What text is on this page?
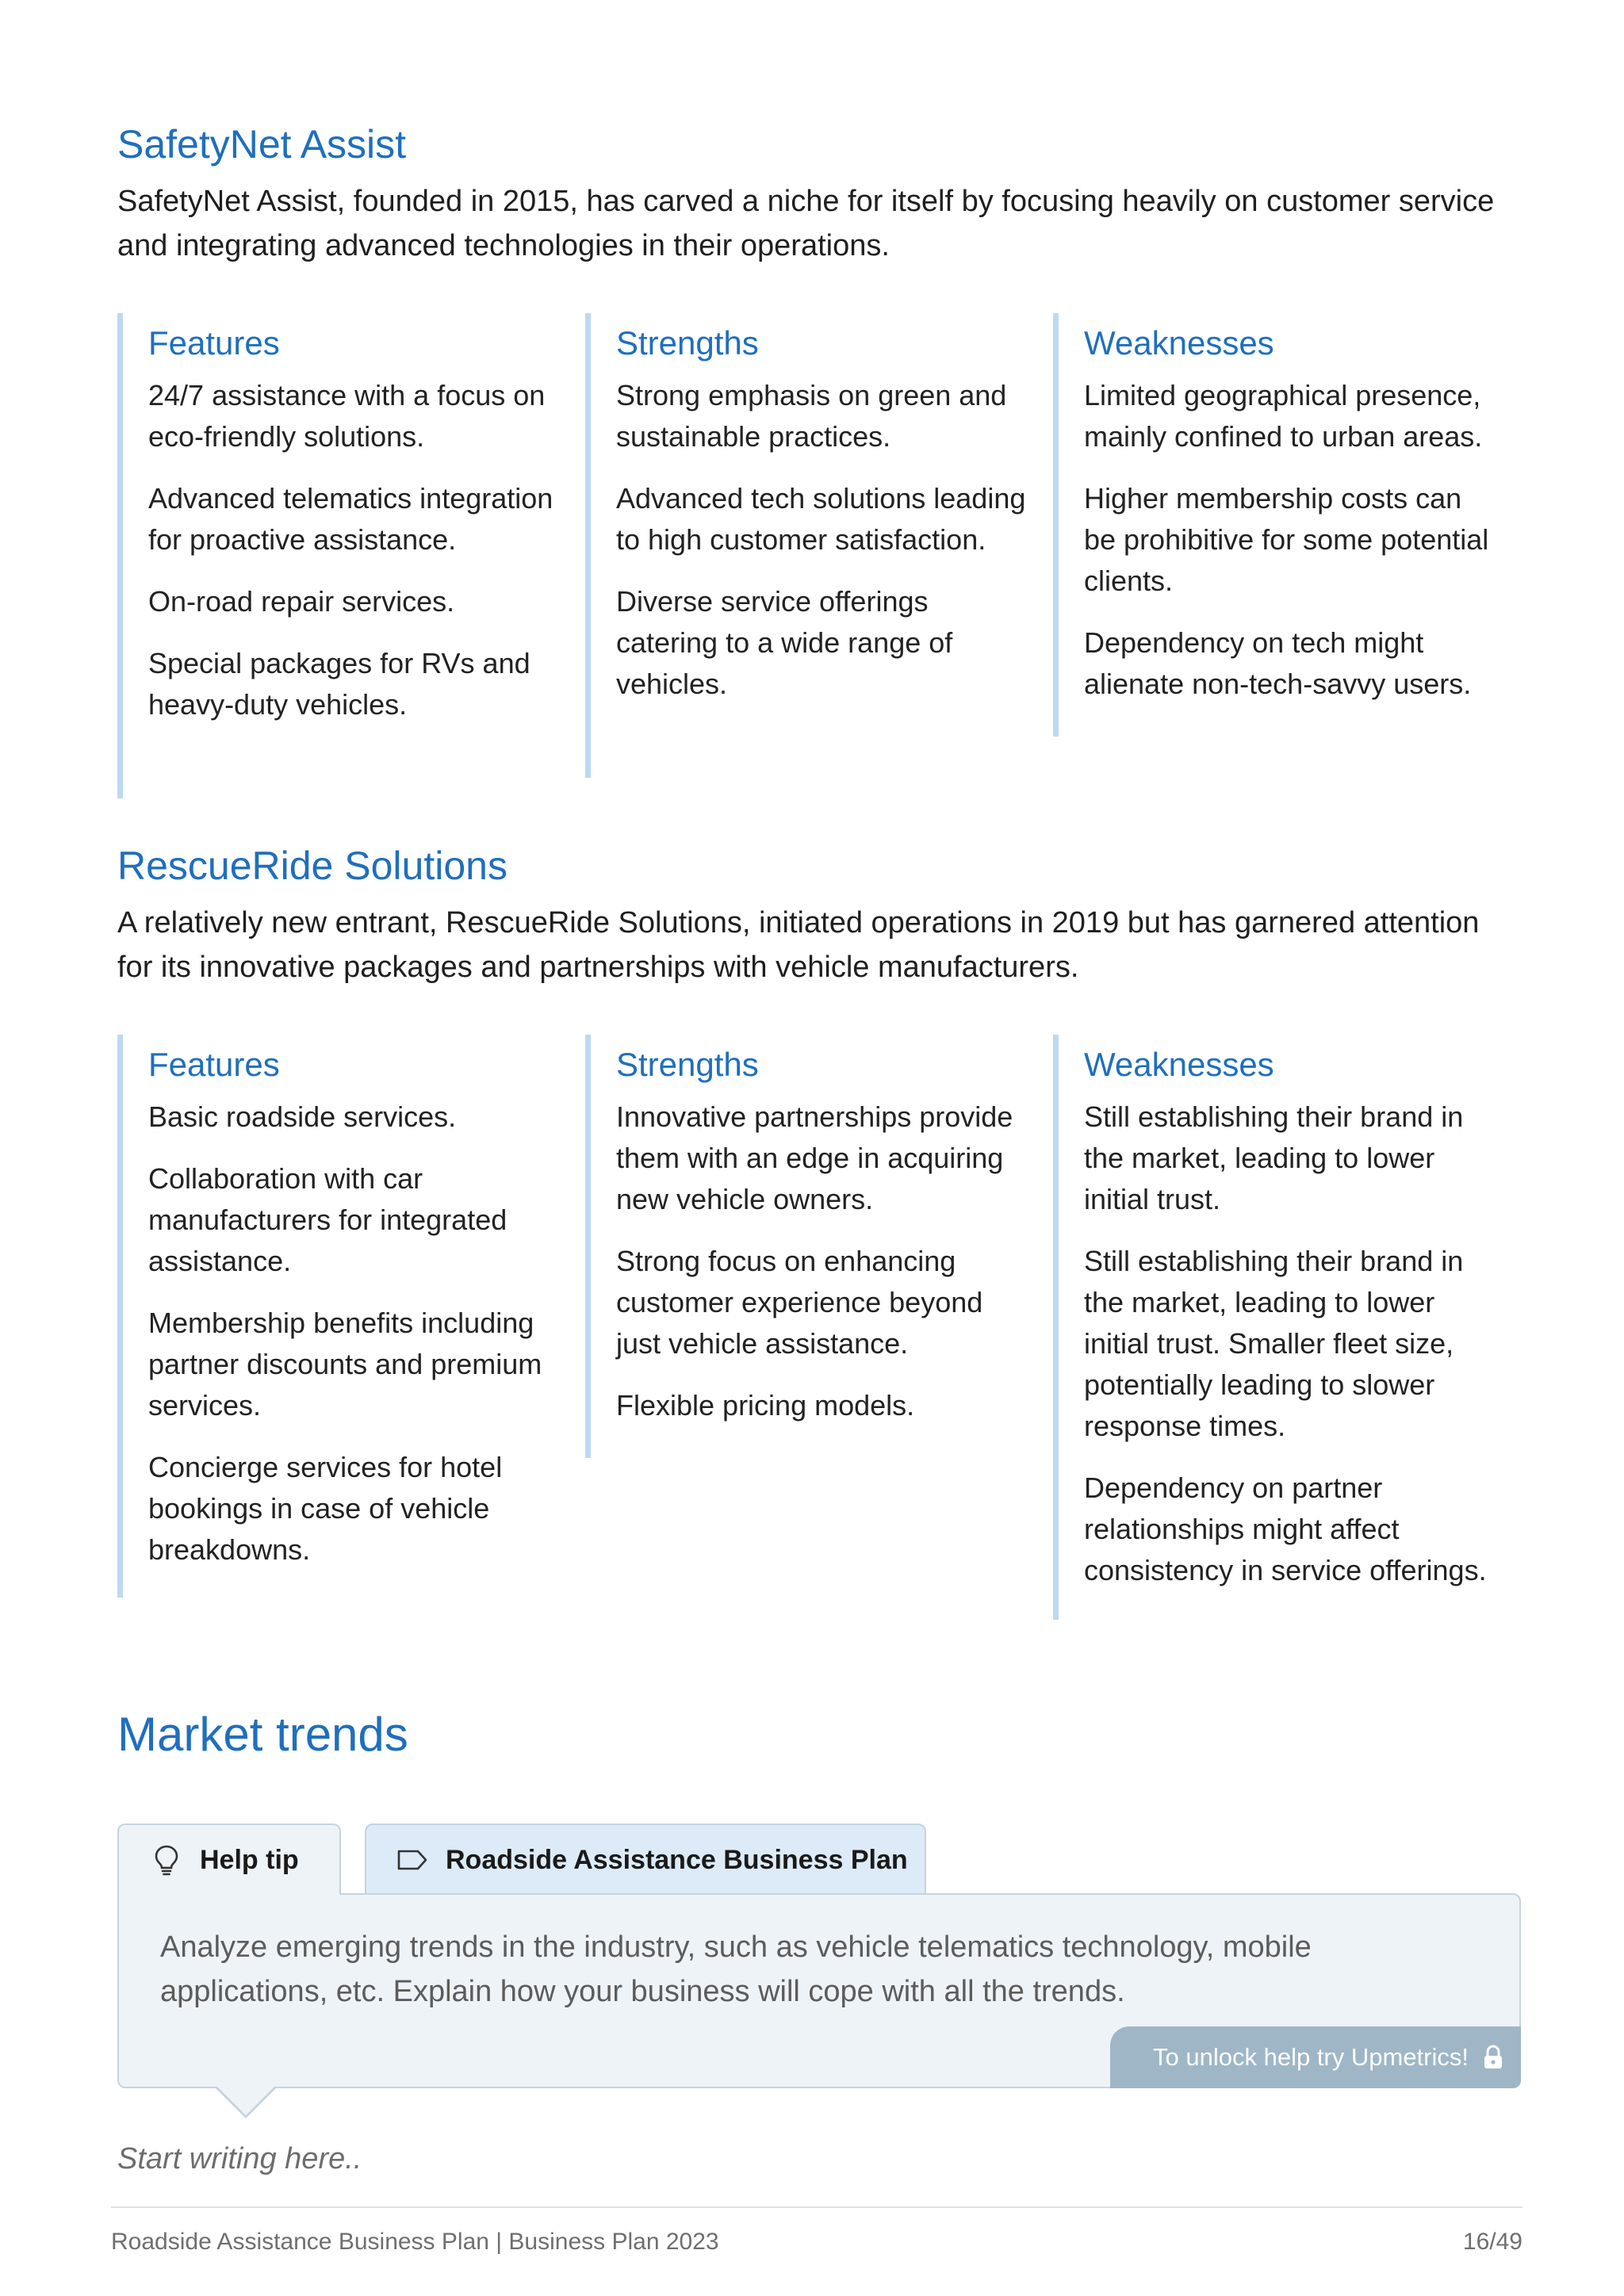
SafetyNet Assist

SafetyNet Assist, founded in 2015, has carved a niche for itself by focusing heavily on customer service and integrating advanced technologies in their operations.

Features
24/7 assistance with a focus on eco-friendly solutions.
Advanced telematics integration for proactive assistance.
On-road repair services.
Special packages for RVs and heavy-duty vehicles.
Strengths
Strong emphasis on green and sustainable practices.
Advanced tech solutions leading to high customer satisfaction.
Diverse service offerings catering to a wide range of vehicles.
Weaknesses
Limited geographical presence, mainly confined to urban areas.
Higher membership costs can be prohibitive for some potential clients.
Dependency on tech might alienate non-tech-savvy users.
RescueRide Solutions

A relatively new entrant, RescueRide Solutions, initiated operations in 2019 but has garnered attention for its innovative packages and partnerships with vehicle manufacturers.

Features
Basic roadside services.
Collaboration with car manufacturers for integrated assistance.
Membership benefits including partner discounts and premium services.
Concierge services for hotel bookings in case of vehicle breakdowns.
Strengths
Innovative partnerships provide them with an edge in acquiring new vehicle owners.
Strong focus on enhancing customer experience beyond just vehicle assistance.
Flexible pricing models.
Weaknesses
Still establishing their brand in the market, leading to lower initial trust.
Still establishing their brand in the market, leading to lower initial trust. Smaller fleet size, potentially leading to slower response times.
Dependency on partner relationships might affect consistency in service offerings.
Market trends
Help tip	Roadside Assistance Business Plan

Analyze emerging trends in the industry, such as vehicle telematics technology, mobile applications, etc. Explain how your business will cope with all the trends.

To unlock help try Upmetrics!
Start writing here..
Roadside Assistance Business Plan | Business Plan 2023	16/49
